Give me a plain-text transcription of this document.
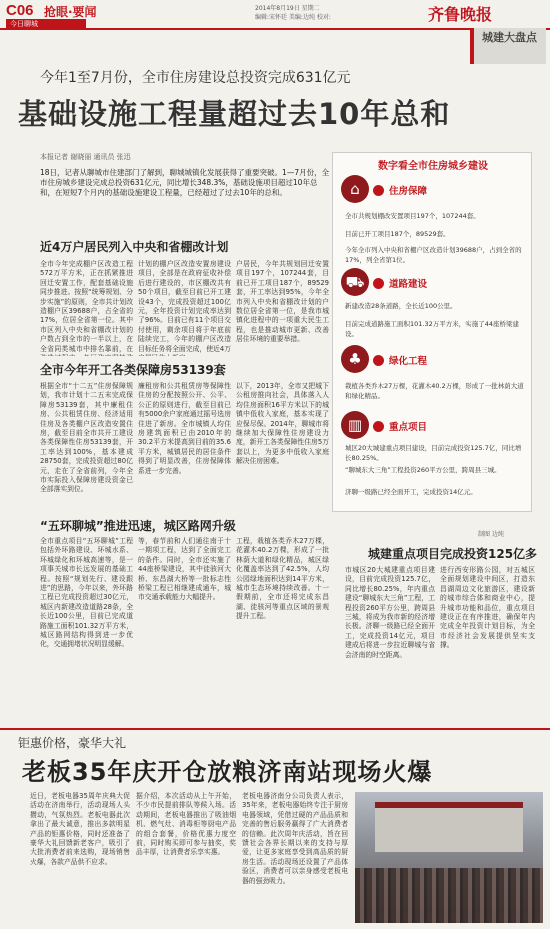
C06 抢眼·要闻
今日聊城
2014年8月19日 星期二
编辑:宋怀廷 美编:边纯 校对:	齐鲁晚报
城建大盘点
今年1至7月份，全市住房建设总投资完成631亿元
基础设施工程量超过去10年总和
本报记者 谢晓丽 通讯员 张迅

18日，记者从聊城市住建部门了解到，聊城城镇化发展获得了重要突破。1—7月份，全市住房城乡建设完成总投资631亿元，同比增长348.3%，基础设施项目超过10年总和，在短短7个月内的基础设施建设工程量，已经超过了过去10年的总和。

数字看全市住房城乡建设
⌂	住房保障
全市共规划棚改安置项目197个，107244套。
目前已开工项目187个，89529套。
今年全市列入中央和省棚户区改造计划39688户，占到全省的17%，列全省第1位。
⛟	道路建设
新建改造28条道路，全长近100公里。
目前完成道路施工面积101.32万平方米，实施了44座桥梁建设。
♣	绿化工程
栽植各类乔木27万棵，花灌木40.2万棵，形成了一批林荫大道和绿化精品。
▥	重点项目
城区20大城建重点项目建设，目前完成投资125.7亿，同比增长80.25%。
“聊城东大三角”工程投资260平方公里，跨周县三城。
济聊一级路已经全面开工，完成投资14亿元。
制图 边纯
近4万户居民列入中央和省棚改计划
全市今年完成棚户区改造工程572万平方米，正在抓紧推进回迁安置工作，配套基础设施同步推进。按照“统筹规划、分步实施”的原则，全市共计划改造棚户区39688户，占全省的17%，位居全省第一位。其中市区列入中央和省棚改计划的户数占到全市的一半以上，在全省同类城市中排名靠前，在
计划的棚户区改造安置房建设项目，全部是在政府征收补偿后进行建设的，市区棚改共有50个项目，截至目前已开工建设43个，完成投资超过100亿元，全年投资计划完成率达到了96%。目前已有11个项目交付使用，剩余项目将于年底前陆续完工，今年的棚户区改造目标任务将全面完成，使近4万
户居民，今年共规划回迁安置项目197个，107244套，目前已开工项目187个，89529套，开工率达到95%，今年全市列入中央和省棚改计划的户数位居全省第一位，是我市城镇化进程中的一项重大民生工程，也是推动城市更新、改善居住环境的重要举措。
全市今年开工各类保障房53139套
根据全市“十二五”住房保障规划，我市计划十二五末完成保障房53139套，其中廉租住房、公共租赁住房、经济适用住房及各类棚户区改造安置住房，截至目前全市共开工建设各类保障性住房53139套，开工率达到100%，基本建成28750套，完成投资超过80亿元，走在了全省前列，今年全市实际投入保障房建设资金已全部落实到位。
廉租房和公共租赁房等保障性住房的分配按照公开、公平、公正的原则进行，截至目前已有5000余户家庭通过摇号选房住进了新房。全市城镇人均住房建筑面积已由2010年的30.2平方米提高到目前的35.6平方米，城镇居民的居住条件得到了明显改善，住房保障体系进一步完善。
以下，2013年，全市又把城下公租房推向社会，具体落入人均住房面积16平方米以下的城镇中低收入家庭，基本实现了应保尽保。2014年，聊城市将继续加大保障性住房建设力度，新开工各类保障性住房5万套以上，为更多中低收入家庭解决住房困难。
“五环聊城”推进迅速，城区路网升级
全市重点项目“五环聊城”工程包括外环路建设、环城水系、环城绿化和环城高速等，是一项事关城市长远发展的基础工程。按照“规划先行、建设跟进”的思路，今年以来，外环路工程已完成投资超过30亿元，城区内新建改造道路28条，全长近100公里，目前已完成道路施工面积101.32万平方米，城区路网结构得到进一步优化，交通拥堵状况明显缓解。
等，春节前和人们通往南于十一期项工程，达到了全面完工的条件。同时，全市还实施了44座桥梁建设，其中徒骇河大桥、东昌湖大桥等一批标志性桥梁工程已相继建成通车，城市交通承载能力大幅提升。
工程，栽植各类乔木27万棵，花灌木40.2万棵，形成了一批林荫大道和绿化精品，城区绿化覆盖率达到了42.5%，人均公园绿地面积达到14平方米，城市生态环境持续改善。十一假期前，全市还将完成东昌湖、徒骇河等重点区域的景观提升工程。
城建重点项目完成投资125亿多
市城区20大城建重点项目建设，目前完成投资125.7亿，同比增长80.25%，年内重点建设“聊城东大三角”工程，工程投资260平方公里，跨周县三城，将成为我市新的经济增长极。济聊一级路已经全面开工，完成投资14亿元，项目建成后将进一步拉近聊城与省会济南的时空距离。
进行西安形路公园，对五城区全面规划建设中间区，打造东昌湖周边文化旅游区，建设新的城市综合体和商业中心，提升城市功能和品位，重点项目建设正在有序推进，确保年内完成全年投资计划目标，为全市经济社会发展提供坚实支撑。
钜惠价格，豪华大礼
老板35年庆开仓放粮济南站现场火爆
近日，老板电器35周年庆典大促活动在济南举行，活动现场人头攒动，气氛热烈。老板电器此次拿出了最大诚意，推出多款明星产品的钜惠价格，同时还准备了豪华大礼回馈新老客户，吸引了大批消费者前来选购，现场销售火爆，各款产品供不应求。
据介绍，本次活动从上午开始，不少市民提前排队等候入场。活动期间，老板电器推出了吸油烟机、燃气灶、消毒柜等厨电产品的组合套餐，价格优惠力度空前，同时购买即可参与抽奖，奖品丰厚，让消费者乐享实惠。
老板电器济南分公司负责人表示，35年来，老板电器始终专注于厨房电器领域，凭借过硬的产品品质和完善的售后服务赢得了广大消费者的信赖。此次周年庆活动，旨在回馈社会各界长期以来的支持与厚爱，让更多家庭享受到高品质的厨房生活。活动现场还设置了产品体验区，消费者可以亲身感受老板电器的强劲吸力。
